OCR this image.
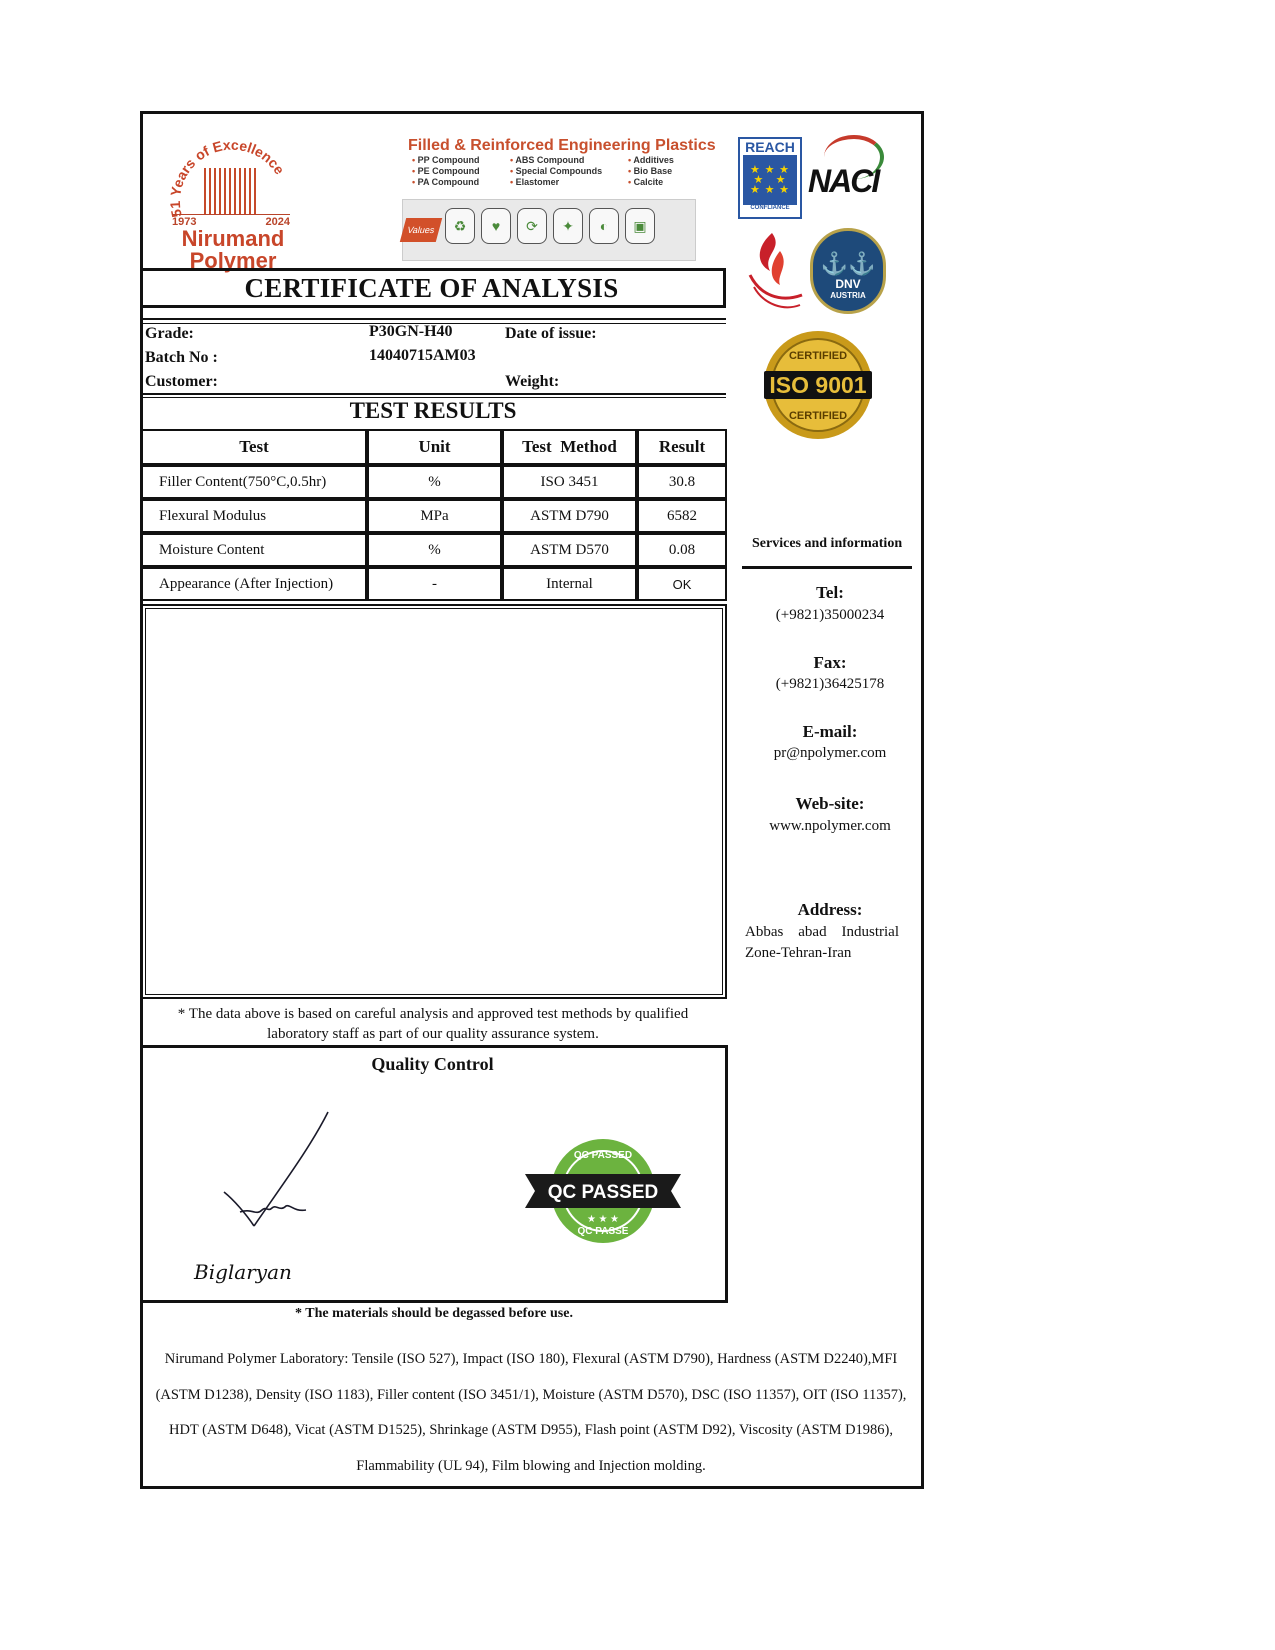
51 Years of Excellence
1973	2024
Nirumand Polymer
Filled & Reinforced Engineering Plastics
• PP Compound	• ABS Compound	• Additives
• PE Compound	• Special Compounds	• Bio Base
• PA Compound	• Elastomer	• Calcite
Values	♻	♥	⟳	✦	◐	▣
REACH
★ ★ ★
★   ★
★ ★ ★
CONFLIANCE
NACI
⚓⚓
DNV
AUSTRIA
ISO 9001
CERTIFIED
CERTIFIED
CERTIFICATE OF ANALYSIS
Grade:	P30GN-H40	Date of issue:
Batch No :	14040715AM03
Customer:	Weight:
TEST RESULTS
Test	Unit	Test  Method	Result
Filler Content(750°C,0.5hr)	%	ISO 3451	30.8
Flexural Modulus	MPa	ASTM D790	6582
Moisture Content	%	ASTM D570	0.08
Appearance (After Injection)	-	Internal	OK
* The data above is based on careful analysis and approved test methods by qualified laboratory staff as part of our quality assurance system.
Quality Control
Biglaryan
QC PASSED
QC PASSED
QC PASSE
★ ★ ★
* The materials should be degassed before use.
Nirumand Polymer Laboratory: Tensile (ISO 527), Impact (ISO 180), Flexural (ASTM D790), Hardness (ASTM D2240),MFI (ASTM D1238), Density (ISO 1183), Filler content (ISO 3451/1), Moisture (ASTM D570), DSC (ISO 11357), OIT (ISO 11357), HDT (ASTM D648), Vicat (ASTM D1525), Shrinkage (ASTM D955), Flash point (ASTM D92), Viscosity (ASTM D1986), Flammability (UL 94), Film blowing and Injection molding.
Services and information
Tel:
(+9821)35000234
Fax:
(+9821)36425178
E-mail:
pr@npolymer.com
Web-site:
www.npolymer.com
Address:
Abbas abad Industrial Zone-Tehran-Iran
